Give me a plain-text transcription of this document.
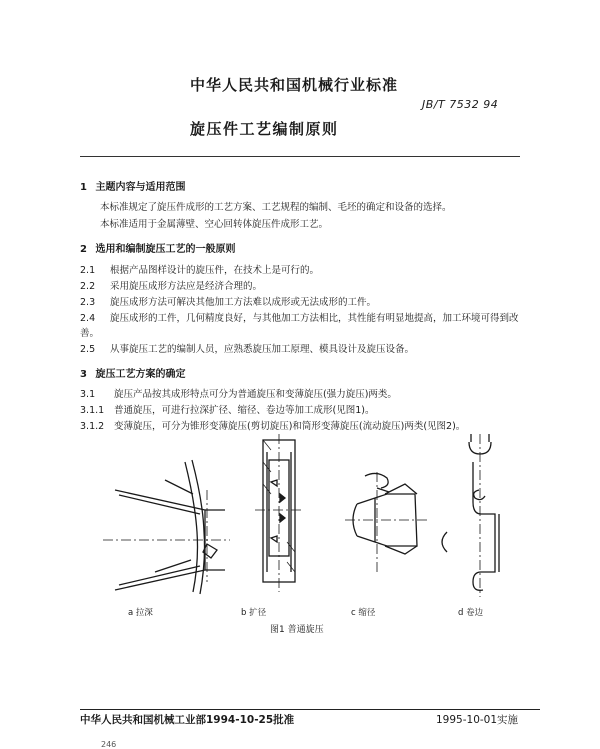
中华人民共和国机械行业标准
JB/T 7532 94
旋压件工艺编制原则
1 主题内容与适用范围
本标准规定了旋压件成形的工艺方案、工艺规程的编制、毛坯的确定和设备的选择。
本标准适用于金属薄壁、空心回转体旋压件成形工艺。
2 选用和编制旋压工艺的一般原则
2.1 根据产品图样设计的旋压件，在技术上是可行的。
2.2 采用旋压成形方法应是经济合理的。
2.3 旋压成形方法可解决其他加工方法难以成形或无法成形的工件。
2.4 旋压成形的工件，几何精度良好，与其他加工方法相比，其性能有明显地提高，加工环境可得到改
善。
2.5 从事旋压工艺的编制人员，应熟悉旋压加工原理、模具设计及旋压设备。
3 旋压工艺方案的确定
3.1 旋压产品按其成形特点可分为普通旋压和变薄旋压(强力旋压)两类。
3.1.1 普通旋压，可进行拉深扩径、缩径、卷边等加工成形(见图1)。
3.1.2 变薄旋压，可分为锥形变薄旋压(剪切旋压)和筒形变薄旋压(流动旋压)两类(见图2)。
a 拉深	b 扩径	c 缩径	d 卷边
图1 普通旋压
中华人民共和国机械工业部1994-10-25批准	1995-10-01实施
246
